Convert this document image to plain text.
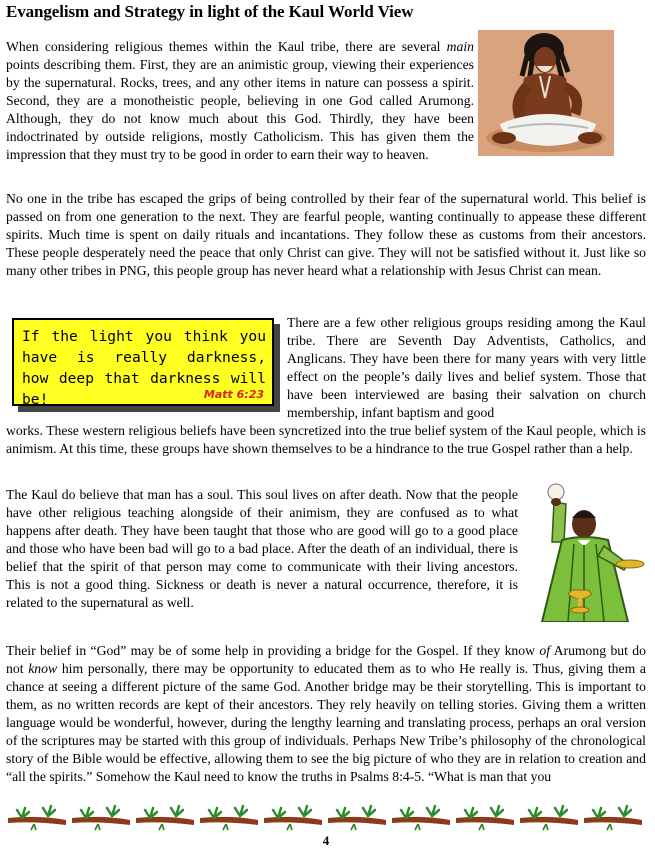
Evangelism and Strategy in light of the Kaul World View

When considering religious themes within the Kaul tribe, there are several main points describing them. First, they are an animistic group, viewing their experiences by the supernatural. Rocks, trees, and any other items in nature can possess a spirit. Second, they are a monotheistic people, believing in one God called Arumong. Although, they do not know much about this God. Thirdly, they have been indoctrinated by outside religions, mostly Catholicism. This has given them the impression that they must try to be good in order to earn their way to heaven.

No one in the tribe has escaped the grips of being controlled by their fear of the supernatural world. This belief is passed on from one generation to the next. They are fearful people, wanting continually to appease these different spirits. Much time is spent on daily rituals and incantations. They follow these as customs from their ancestors. These people desperately need the peace that only Christ can give. They will not be satisfied without it. Just like so many other tribes in PNG, this people group has never heard what a relationship with Jesus Christ can mean.

If the light you think you have is really darkness, how deep that darkness will be!	Matt 6:23

There are a few other religious groups residing among the Kaul tribe. There are Seventh Day Adventists, Catholics, and Anglicans. They have been there for many years with very little effect on the people’s daily lives and belief system. Those that have been interviewed are basing their salvation on church membership, infant baptism and good

works. These western religious beliefs have been syncretized into the true belief system of the Kaul people, which is animism. At this time, these groups have shown themselves to be a hindrance to the true Gospel rather than a help.

The Kaul do believe that man has a soul. This soul lives on after death. Now that the people have other religious teaching alongside of their animism, they are confused as to what happens after death. They have been taught that those who are good will go to a good place and those who have been bad will go to a bad place. After the death of an individual, there is belief that the spirit of that person may come to communicate with their living ancestors. This is not a good thing. Sickness or death is never a natural occurrence, therefore, it is related to the supernatural as well.

Their belief in “God” may be of some help in providing a bridge for the Gospel. If they know of Arumong but do not know him personally, there may be opportunity to educated them as to who He really is. Thus, giving them a chance at seeing a different picture of the same God. Another bridge may be their storytelling. This is important to them, as no written records are kept of their ancestors. They rely heavily on telling stories. Giving them a written language would be wonderful, however, during the lengthy learning and translating process, perhaps an oral version of the scriptures may be started with this group of individuals. Perhaps New Tribe’s philosophy of the chronological story of the Bible would be effective, allowing them to see the big picture of who they are in relation to creation and “all the spirits.” Somehow the Kaul need to know the truths in Psalms 8:4-5. “What is man that you

4
